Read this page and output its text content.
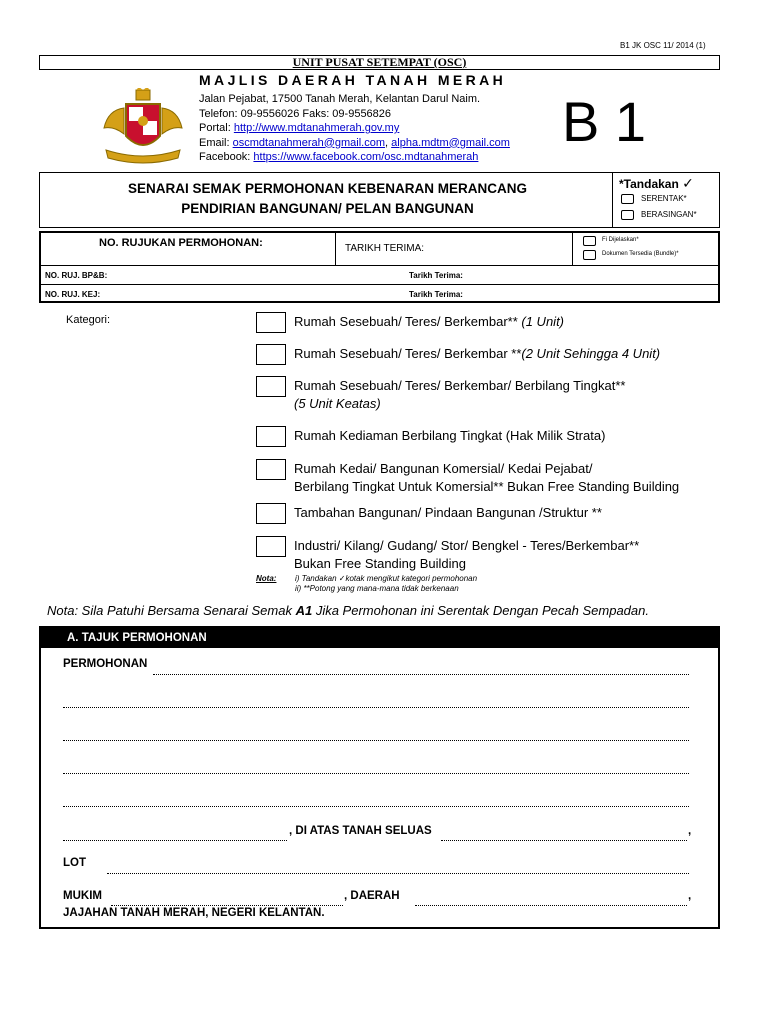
B1 JK OSC 11/ 2014 (1)
UNIT PUSAT SETEMPAT (OSC)
MAJLIS DAERAH TANAH MERAH
Jalan Pejabat, 17500 Tanah Merah, Kelantan Darul Naim.
Telefon: 09-9556026 Faks: 09-9556826
Portal: http://www.mdtanahmerah.gov.my
Email: oscmdtanahmerah@gmail.com, alpha.mdtm@gmail.com
Facebook: https://www.facebook.com/osc.mdtanahmerah
B 1
SENARAI SEMAK PERMOHONAN KEBENARAN MERANCANG
PENDIRIAN BANGUNAN/ PELAN BANGUNAN
*Tandakan ✓
SERENTAK*
BERASINGAN*
NO. RUJUKAN PERMOHONAN:	TARIKH TERIMA:
Fi Dijelaskan*
Dokumen Tersedia (Bundle)*
NO. RUJ. BP&B:	Tarikh Terima:
NO. RUJ. KEJ:	Tarikh Terima:
Kategori:	Rumah Sesebuah/ Teres/ Berkembar** (1 Unit)
Rumah Sesebuah/ Teres/ Berkembar **(2 Unit Sehingga 4 Unit)
Rumah Sesebuah/ Teres/ Berkembar/ Berbilang Tingkat**
(5 Unit Keatas)
Rumah Kediaman Berbilang Tingkat (Hak Milik Strata)
Rumah Kedai/ Bangunan Komersial/ Kedai Pejabat/
Berbilang Tingkat Untuk Komersial** Bukan Free Standing Building
Tambahan Bangunan/ Pindaan Bangunan /Struktur **
Industri/ Kilang/ Gudang/ Stor/ Bengkel - Teres/Berkembar**
Bukan Free Standing Building
Nota: i) Tandakan ✓kotak mengikut kategori permohonan
ii) **Potong yang mana-mana tidak berkenaan
Nota: Sila Patuhi Bersama Senarai Semak A1 Jika Permohonan ini Serentak Dengan Pecah Sempadan.
A. TAJUK PERMOHONAN
PERMOHONAN
, DI ATAS TANAH SELUAS	,
LOT
MUKIM	, DAERAH	,
JAJAHAN TANAH MERAH, NEGERI KELANTAN.
